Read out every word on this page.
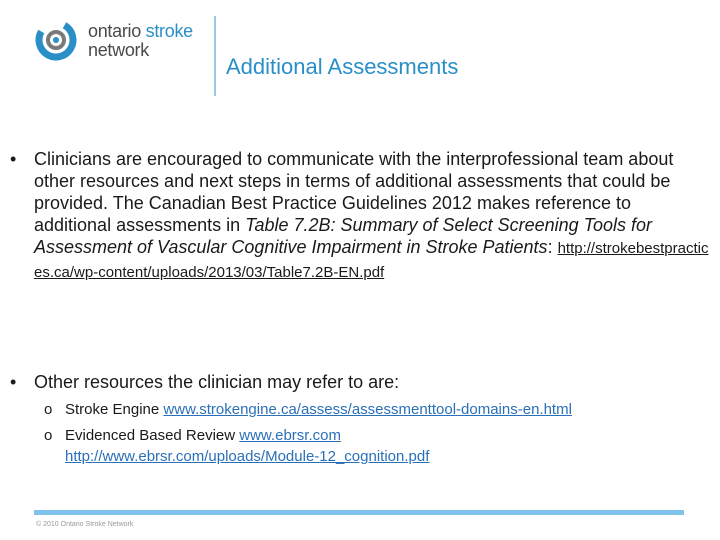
ontario stroke
network
Additional Assessments
• Clinicians are encouraged to communicate with the interprofessional team about other resources and next steps in terms of additional assessments that could be provided. The Canadian Best Practice Guidelines 2012 makes reference to additional assessments in Table 7.2B: Summary of Select Screening Tools for Assessment of Vascular Cognitive Impairment in Stroke Patients: http://strokebestpractices.ca/wp-content/uploads/2013/03/Table7.2B-EN.pdf
• Other resources the clinician may refer to are:
o Stroke Engine www.strokengine.ca/assess/assessmenttool-domains-en.html
o Evidenced Based Review www.ebrsr.com
http://www.ebrsr.com/uploads/Module-12_cognition.pdf
© 2010 Ontario Stroke Network
